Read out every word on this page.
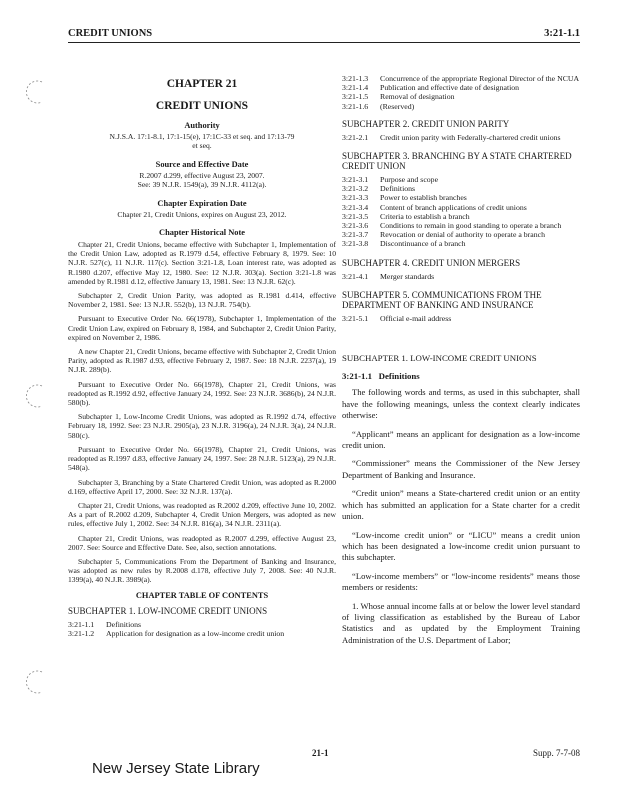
CREDIT UNIONS	3:21-1.1
CHAPTER 21
CREDIT UNIONS
Authority
N.J.S.A. 17:1-8.1, 17:1-15(e), 17:1C-33 et seq. and 17:13-79 et seq.
Source and Effective Date
R.2007 d.299, effective August 23, 2007.
See: 39 N.J.R. 1549(a), 39 N.J.R. 4112(a).
Chapter Expiration Date
Chapter 21, Credit Unions, expires on August 23, 2012.
Chapter Historical Note

Chapter 21, Credit Unions, became effective with Subchapter 1, Implementation of the Credit Union Law, adopted as R.1979 d.54, effective February 8, 1979. See: 10 N.J.R. 527(c), 11 N.J.R. 117(c). Section 3:21-1.8, Loan interest rate, was adopted as R.1980 d.207, effective May 12, 1980. See: 12 N.J.R. 303(a). Section 3:21-1.8 was amended by R.1981 d.12, effective January 13, 1981. See: 13 N.J.R. 62(c).

Subchapter 2, Credit Union Parity, was adopted as R.1981 d.414, effective November 2, 1981. See: 13 N.J.R. 552(b), 13 N.J.R. 754(b).

Pursuant to Executive Order No. 66(1978), Subchapter 1, Implementation of the Credit Union Law, expired on February 8, 1984, and Subchapter 2, Credit Union Parity, expired on November 2, 1986.

A new Chapter 21, Credit Unions, became effective with Subchapter 2, Credit Union Parity, adopted as R.1987 d.93, effective February 2, 1987. See: 18 N.J.R. 2237(a), 19 N.J.R. 289(b).

Pursuant to Executive Order No. 66(1978), Chapter 21, Credit Unions, was readopted as R.1992 d.92, effective January 24, 1992. See: 23 N.J.R. 3686(b), 24 N.J.R. 580(b).

Subchapter 1, Low-Income Credit Unions, was adopted as R.1992 d.74, effective February 18, 1992. See: 23 N.J.R. 2905(a), 23 N.J.R. 3196(a), 24 N.J.R. 3(a), 24 N.J.R. 580(c).

Pursuant to Executive Order No. 66(1978), Chapter 21, Credit Unions, was readopted as R.1997 d.83, effective January 24, 1997. See: 28 N.J.R. 5123(a), 29 N.J.R. 548(a).

Subchapter 3, Branching by a State Chartered Credit Union, was adopted as R.2000 d.169, effective April 17, 2000. See: 32 N.J.R. 137(a).

Chapter 21, Credit Unions, was readopted as R.2002 d.209, effective June 10, 2002. As a part of R.2002 d.209, Subchapter 4, Credit Union Mergers, was adopted as new rules, effective July 1, 2002. See: 34 N.J.R. 816(a), 34 N.J.R. 2311(a).

Chapter 21, Credit Unions, was readopted as R.2007 d.299, effective August 23, 2007. See: Source and Effective Date. See, also, section annotations.

Subchapter 5, Communications From the Department of Banking and Insurance, was adopted as new rules by R.2008 d.178, effective July 7, 2008. See: 40 N.J.R. 1399(a), 40 N.J.R. 3989(a).

CHAPTER TABLE OF CONTENTS
SUBCHAPTER 1. LOW-INCOME CREDIT UNIONS
3:21-1.1	Definitions
3:21-1.2	Application for designation as a low-income credit union
3:21-1.3	Concurrence of the appropriate Regional Director of the NCUA
3:21-1.4	Publication and effective date of designation
3:21-1.5	Removal of designation
3:21-1.6	(Reserved)
SUBCHAPTER 2. CREDIT UNION PARITY
3:21-2.1	Credit union parity with Federally-chartered credit unions
SUBCHAPTER 3. BRANCHING BY A STATE CHARTERED CREDIT UNION
3:21-3.1	Purpose and scope
3:21-3.2	Definitions
3:21-3.3	Power to establish branches
3:21-3.4	Content of branch applications of credit unions
3:21-3.5	Criteria to establish a branch
3:21-3.6	Conditions to remain in good standing to operate a branch
3:21-3.7	Revocation or denial of authority to operate a branch
3:21-3.8	Discontinuance of a branch
SUBCHAPTER 4. CREDIT UNION MERGERS
3:21-4.1	Merger standards
SUBCHAPTER 5. COMMUNICATIONS FROM THE DEPARTMENT OF BANKING AND INSURANCE
3:21-5.1	Official e-mail address
SUBCHAPTER 1. LOW-INCOME CREDIT UNIONS
3:21-1.1 Definitions

The following words and terms, as used in this subchapter, shall have the following meanings, unless the context clearly indicates otherwise:

“Applicant” means an applicant for designation as a low-income credit union.

“Commissioner” means the Commissioner of the New Jersey Department of Banking and Insurance.

“Credit union” means a State-chartered credit union or an entity which has submitted an application for a State charter for a credit union.

“Low-income credit union” or “LICU” means a credit union which has been designated a low-income credit union pursuant to this subchapter.

“Low-income members” or “low-income residents” means those members or residents:

1. Whose annual income falls at or below the lower level standard of living classification as established by the Bureau of Labor Statistics and as updated by the Employment Training Administration of the U.S. Department of Labor;

New Jersey State Library
21-1	Supp. 7-7-08
